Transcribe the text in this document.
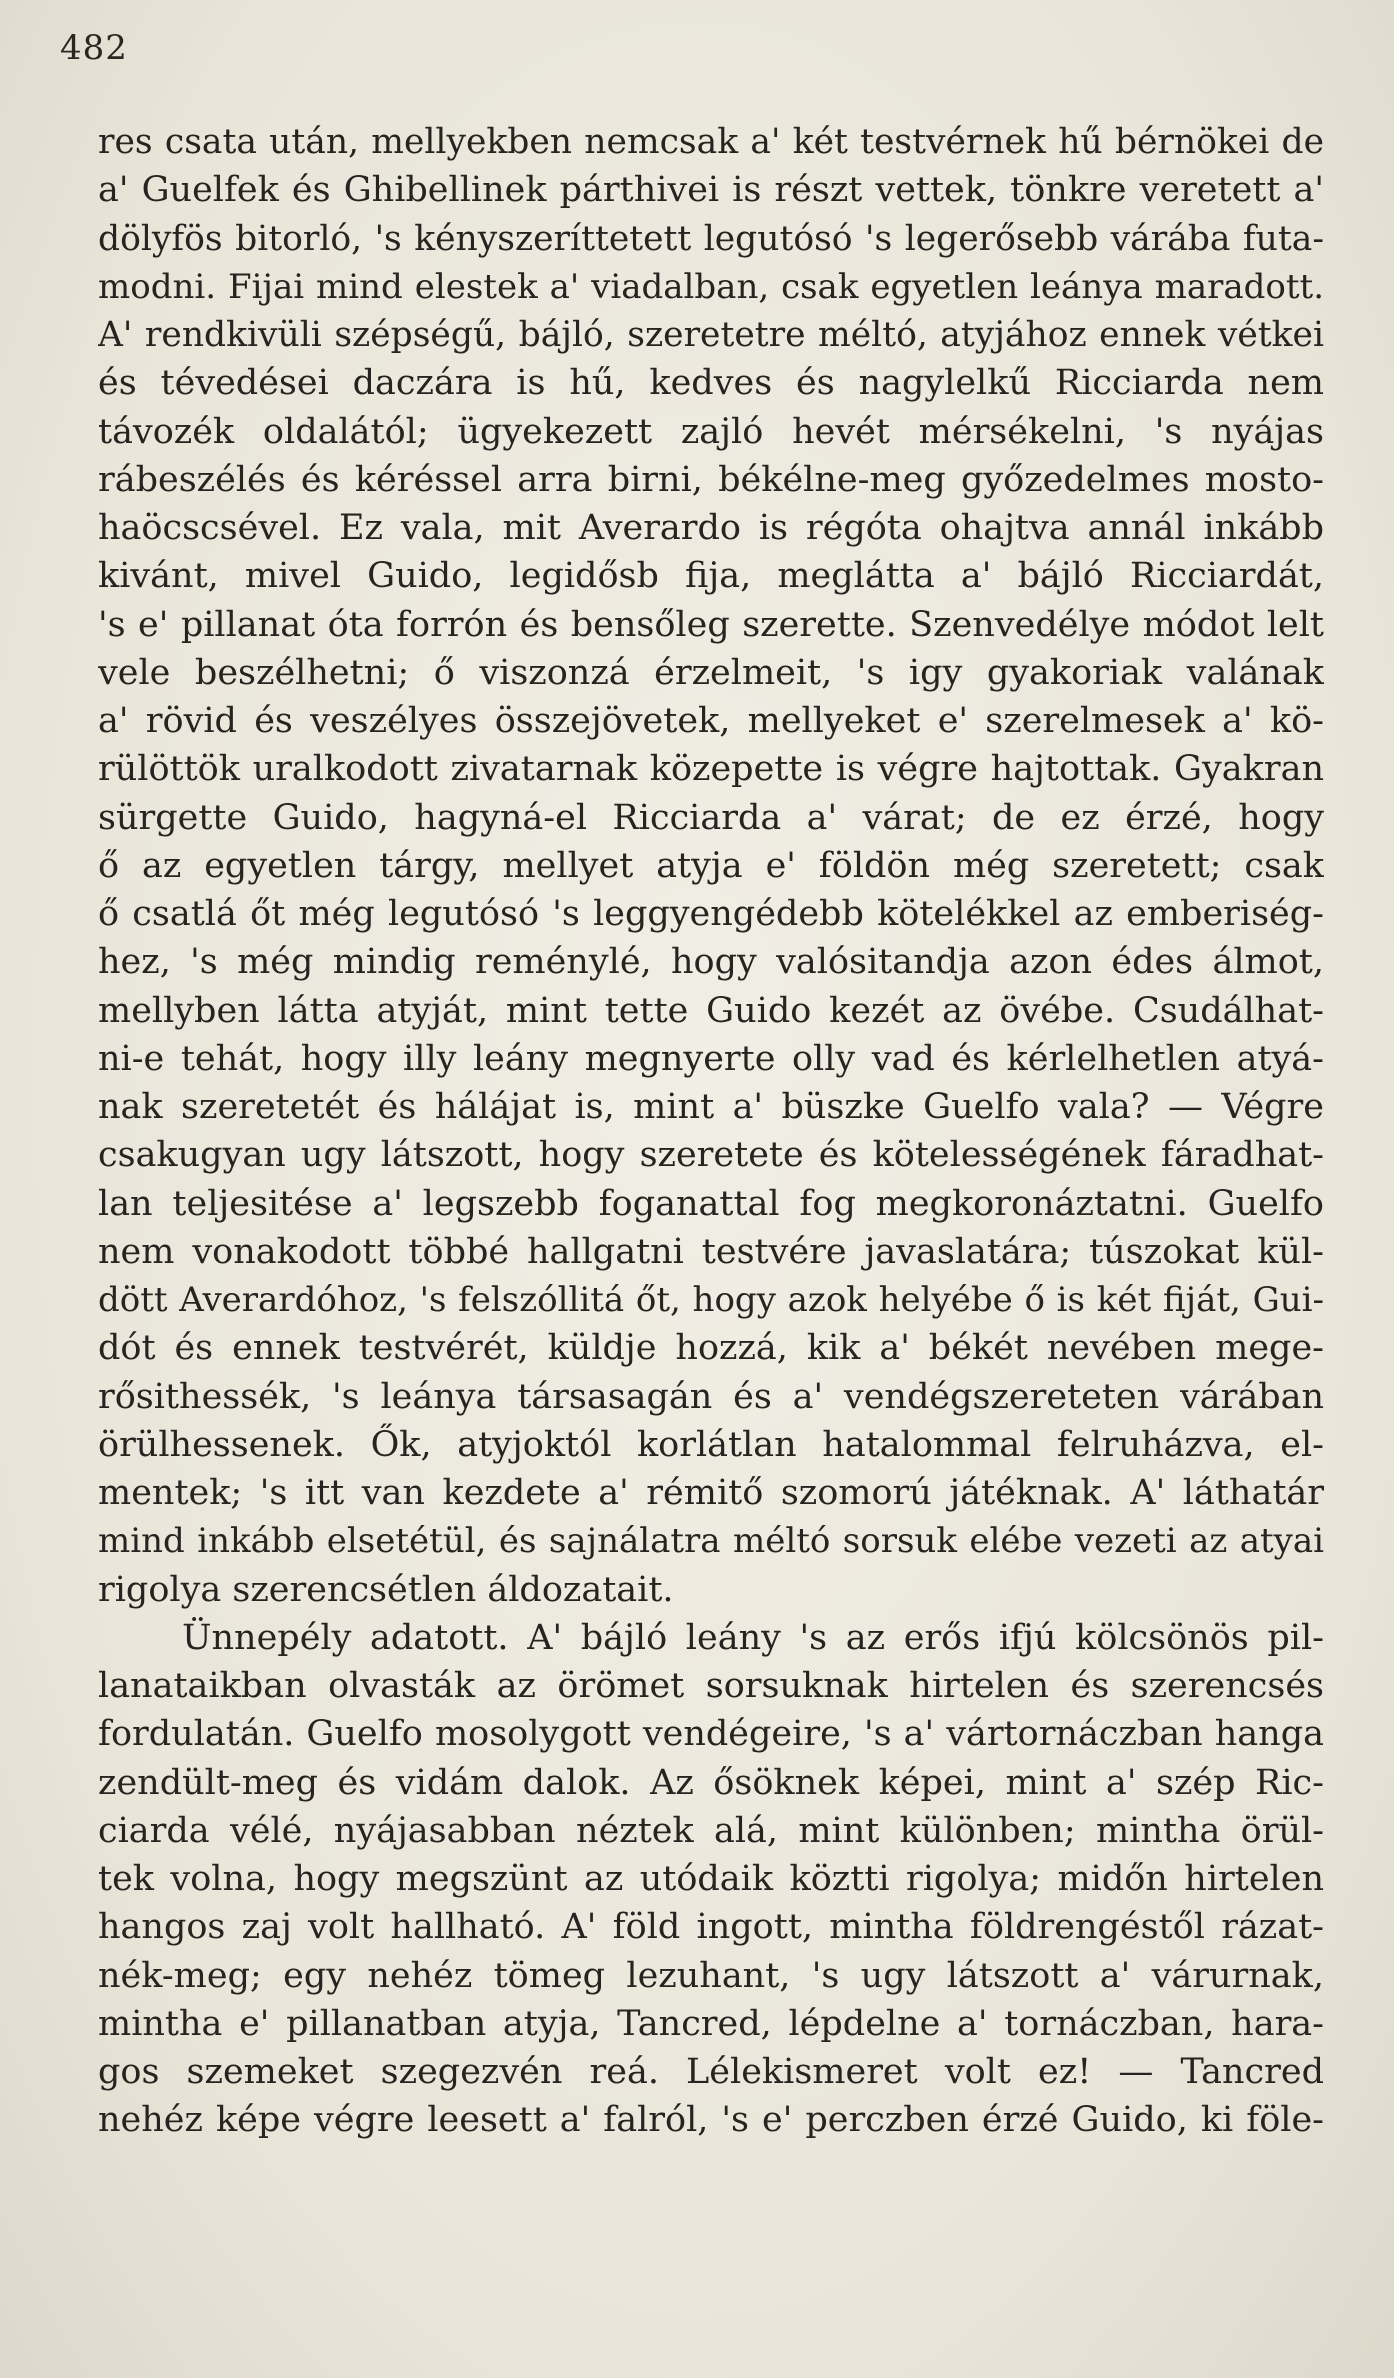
482
res csata után, mellyekben nemcsak a' két testvérnek hű bérnökei de
a' Guelfek és Ghibellinek párthivei is részt vettek, tönkre veretett a'
dölyfös bitorló, 's kényszeríttetett legutósó 's legerősebb várába futa-
modni. Fijai mind elestek a' viadalban, csak egyetlen leánya maradott.
A' rendkivüli szépségű, bájló, szeretetre méltó, atyjához ennek vétkei
és tévedései daczára is hű, kedves és nagylelkű Ricciarda nem
távozék oldalától; ügyekezett zajló hevét mérsékelni, 's nyájas
rábeszélés és kéréssel arra birni, békélne-meg győzedelmes mosto-
haöcscsével. Ez vala, mit Averardo is régóta ohajtva annál inkább
kivánt, mivel Guido, legidősb fija, meglátta a' bájló Ricciardát,
's e' pillanat óta forrón és bensőleg szerette. Szenvedélye módot lelt
vele beszélhetni; ő viszonzá érzelmeit, 's igy gyakoriak valának
a' rövid és veszélyes összejövetek, mellyeket e' szerelmesek a' kö-
rülöttök uralkodott zivatarnak közepette is végre hajtottak. Gyakran
sürgette Guido, hagyná-el Ricciarda a' várat; de ez érzé, hogy
ő az egyetlen tárgy, mellyet atyja e' földön még szeretett; csak
ő csatlá őt még legutósó 's leggyengédebb kötelékkel az emberiség-
hez, 's még mindig reménylé, hogy valósitandja azon édes álmot,
mellyben látta atyját, mint tette Guido kezét az övébe. Csudálhat-
ni-e tehát, hogy illy leány megnyerte olly vad és kérlelhetlen atyá-
nak szeretetét és hálájat is, mint a' büszke Guelfo vala? — Végre
csakugyan ugy látszott, hogy szeretete és kötelességének fáradhat-
lan teljesitése a' legszebb foganattal fog megkoronáztatni. Guelfo
nem vonakodott többé hallgatni testvére javaslatára; túszokat kül-
dött Averardóhoz, 's felszóllitá őt, hogy azok helyébe ő is két fiját, Gui-
dót és ennek testvérét, küldje hozzá, kik a' békét nevében mege-
rősithessék, 's leánya társasagán és a' vendégszereteten várában
örülhessenek. Ők, atyjoktól korlátlan hatalommal felruházva, el-
mentek; 's itt van kezdete a' rémitő szomorú játéknak. A' láthatár
mind inkább elsetétül, és sajnálatra méltó sorsuk elébe vezeti az atyai
rigolya szerencsétlen áldozatait.
Ünnepély adatott. A' bájló leány 's az erős ifjú kölcsönös pil-
lanataikban olvasták az örömet sorsuknak hirtelen és szerencsés
fordulatán. Guelfo mosolygott vendégeire, 's a' vártornáczban hanga
zendült-meg és vidám dalok. Az ősöknek képei, mint a' szép Ric-
ciarda vélé, nyájasabban néztek alá, mint különben; mintha örül-
tek volna, hogy megszünt az utódaik köztti rigolya; midőn hirtelen
hangos zaj volt hallható. A' föld ingott, mintha földrengéstől rázat-
nék-meg; egy nehéz tömeg lezuhant, 's ugy látszott a' várurnak,
mintha e' pillanatban atyja, Tancred, lépdelne a' tornáczban, hara-
gos szemeket szegezvén reá. Lélekismeret volt ez! — Tancred
nehéz képe végre leesett a' falról, 's e' perczben érzé Guido, ki föle-
